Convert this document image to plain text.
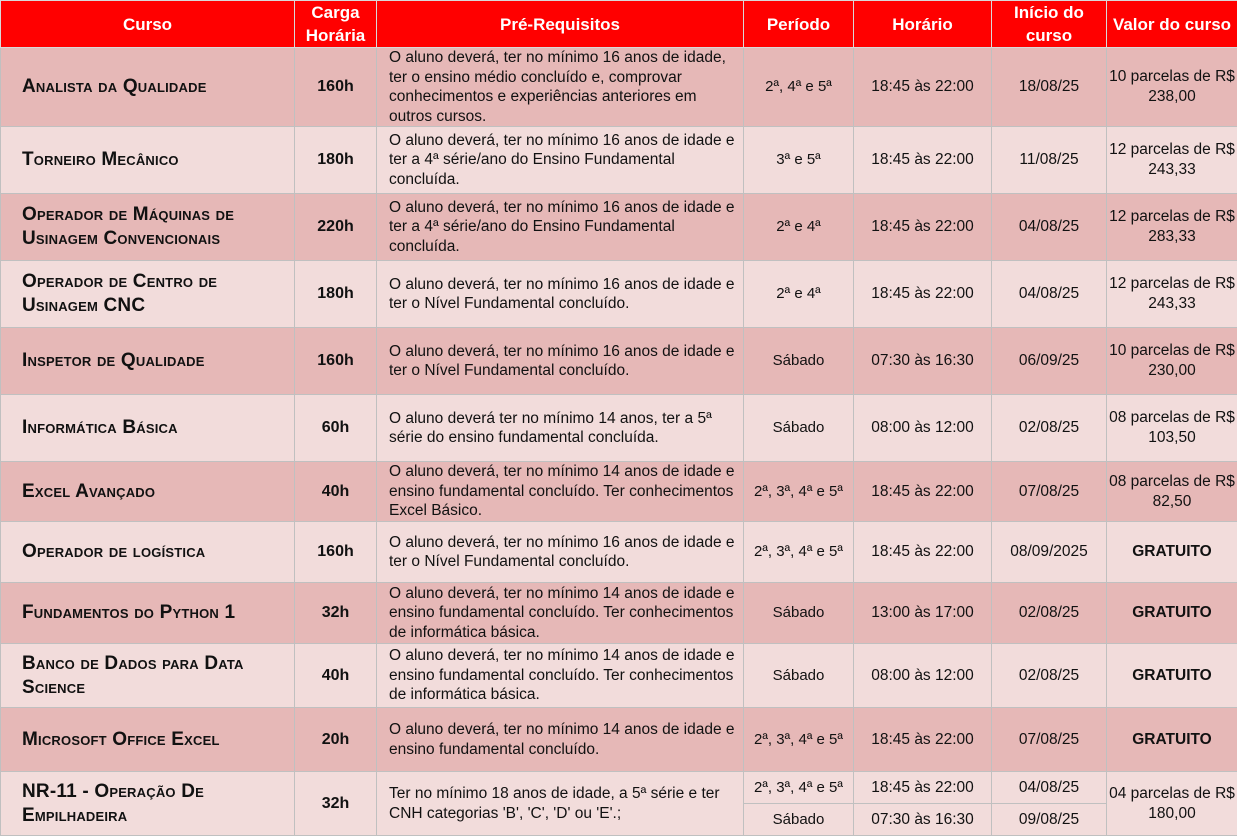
Curso	Carga Horária	Pré-Requisitos	Período	Horário	Início do curso	Valor do curso
Analista da Qualidade	160h	O aluno deverá, ter no mínimo 16 anos de idade, ter o ensino médio concluído e, comprovar conhecimentos e experiências anteriores em outros cursos.	2ª, 4ª e 5ª	18:45 às 22:00	18/08/25	10 parcelas de R$ 238,00
Torneiro Mecânico	180h	O aluno deverá, ter no mínimo 16 anos de idade e ter a 4ª série/ano do Ensino Fundamental concluída.	3ª e 5ª	18:45 às 22:00	11/08/25	12 parcelas de R$ 243,33
Operador de Máquinas de Usinagem Convencionais	220h	O aluno deverá, ter no mínimo 16 anos de idade e ter a 4ª série/ano do Ensino Fundamental concluída.	2ª e 4ª	18:45 às 22:00	04/08/25	12 parcelas de R$ 283,33
Operador de Centro de Usinagem CNC	180h	O aluno deverá, ter no mínimo 16 anos de idade e ter o Nível Fundamental concluído.	2ª e 4ª	18:45 às 22:00	04/08/25	12 parcelas de R$ 243,33
Inspetor de Qualidade	160h	O aluno deverá, ter no mínimo 16 anos de idade e ter o Nível Fundamental concluído.	Sábado	07:30 às 16:30	06/09/25	10 parcelas de R$ 230,00
Informática Básica	60h	O aluno deverá ter no mínimo 14 anos, ter a 5ª série do ensino fundamental concluída.	Sábado	08:00 às 12:00	02/08/25	08 parcelas de R$ 103,50
Excel Avançado	40h	O aluno deverá, ter no mínimo 14 anos de idade e ensino fundamental concluído. Ter conhecimentos Excel Básico.	2ª, 3ª, 4ª e 5ª	18:45 às 22:00	07/08/25	08 parcelas de R$ 82,50
Operador de logística	160h	O aluno deverá, ter no mínimo 16 anos de idade e ter o Nível Fundamental concluído.	2ª, 3ª, 4ª e 5ª	18:45 às 22:00	08/09/2025	GRATUITO
Fundamentos do Python 1	32h	O aluno deverá, ter no mínimo 14 anos de idade e ensino fundamental concluído. Ter conhecimentos de informática básica.	Sábado	13:00 às 17:00	02/08/25	GRATUITO
Banco de Dados para Data Science	40h	O aluno deverá, ter no mínimo 14 anos de idade e ensino fundamental concluído. Ter conhecimentos de informática básica.	Sábado	08:00 às 12:00	02/08/25	GRATUITO
Microsoft Office Excel	20h	O aluno deverá, ter no mínimo 14 anos de idade e ensino fundamental concluído.	2ª, 3ª, 4ª e 5ª	18:45 às 22:00	07/08/25	GRATUITO
NR-11 - Operação De Empilhadeira	32h	Ter no mínimo 18 anos de idade, a 5ª série e ter CNH categorias 'B', 'C', 'D' ou 'E'.;	2ª, 3ª, 4ª e 5ª	18:45 às 22:00	04/08/25	04 parcelas de R$ 180,00
			Sábado	07:30 às 16:30	09/08/25	
